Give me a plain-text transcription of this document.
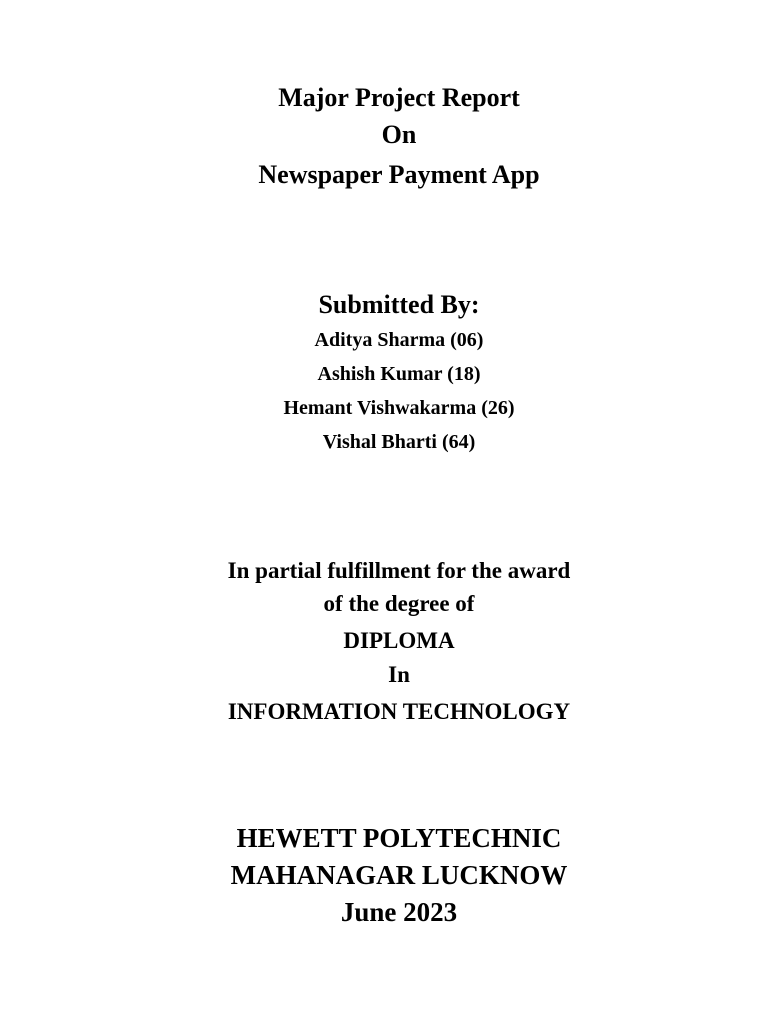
Major Project Report
On
Newspaper Payment App
Submitted By:
Aditya Sharma (06)
Ashish Kumar (18)
Hemant Vishwakarma (26)
Vishal Bharti (64)
In partial fulfillment for the award
of the degree of
DIPLOMA
In
INFORMATION TECHNOLOGY
HEWETT POLYTECHNIC
MAHANAGAR LUCKNOW
June 2023
